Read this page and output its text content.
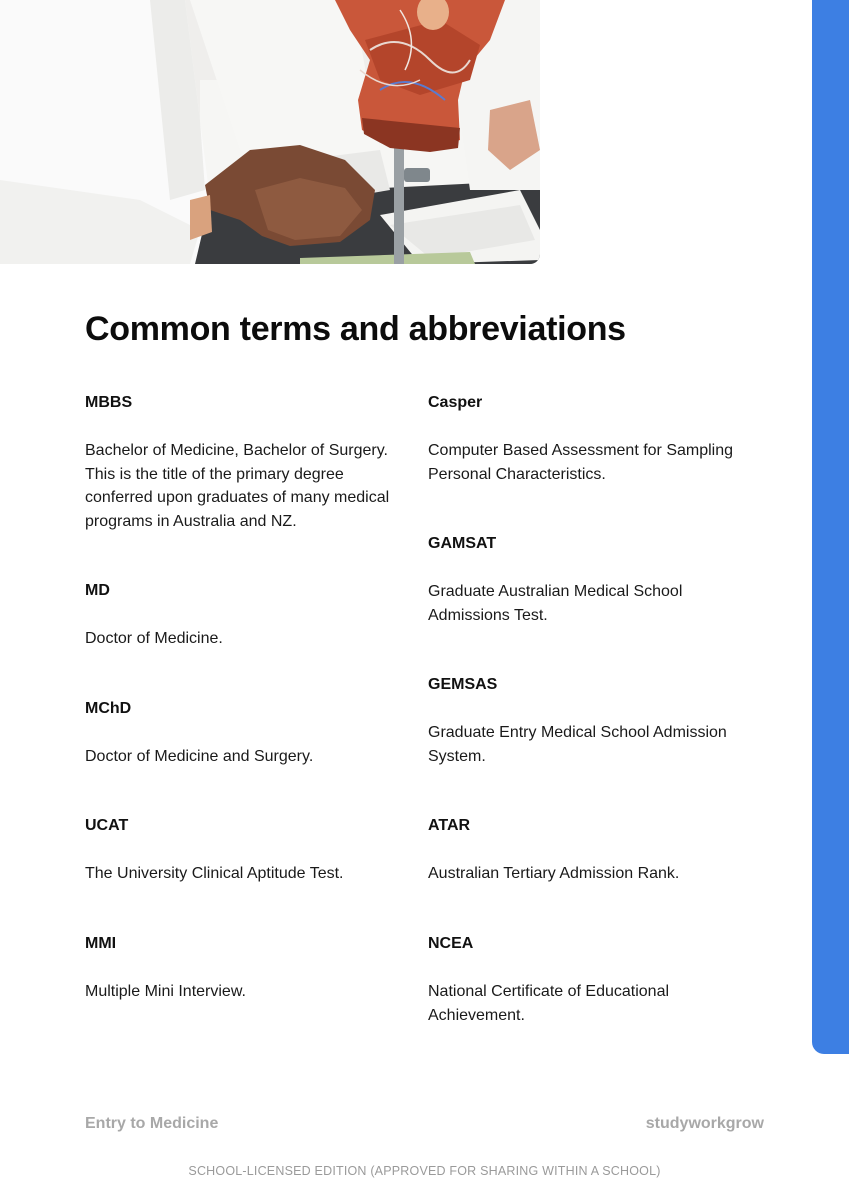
Common terms and abbreviations
MBBS
Bachelor of Medicine, Bachelor of Surgery. This is the title of the primary degree conferred upon graduates of many medical programs in Australia and NZ.
MD
Doctor of Medicine.
MChD
Doctor of Medicine and Surgery.
UCAT
The University Clinical Aptitude Test.
MMI
Multiple Mini Interview.
Casper
Computer Based Assessment for Sampling Personal Characteristics.
GAMSAT
Graduate Australian Medical School Admissions Test.
GEMSAS
Graduate Entry Medical School Admission System.
ATAR
Australian Tertiary Admission Rank.
NCEA
National Certificate of Educational Achievement.
Entry to Medicine	studyworkgrow
SCHOOL-LICENSED EDITION (APPROVED FOR SHARING WITHIN A SCHOOL)
